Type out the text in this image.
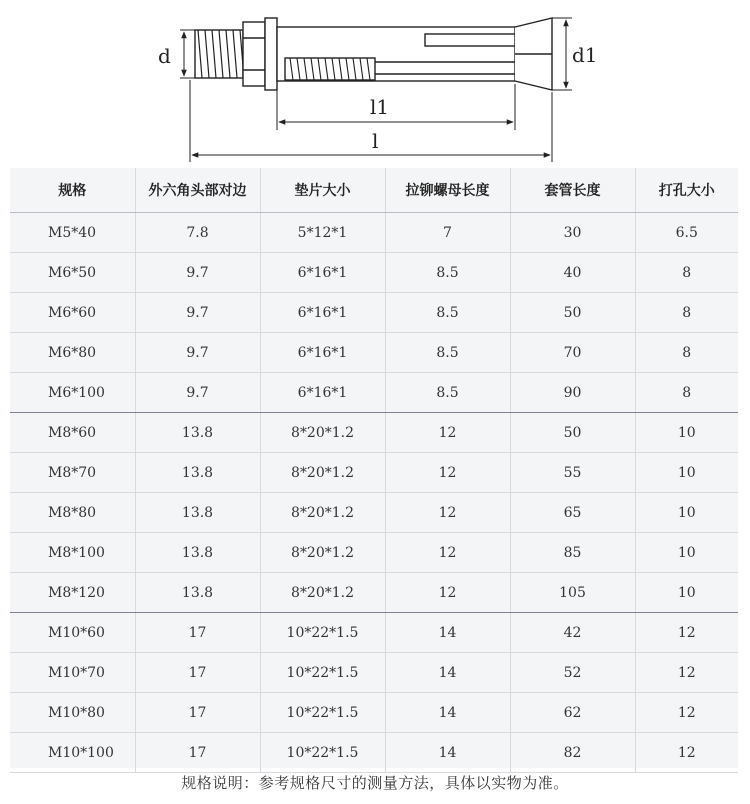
d	d1
l1
l
规格	外六角头部对边	垫片大小	拉铆螺母长度	套管长度	打孔大小
M5*40	7.8	5*12*1	7	30	6.5
M6*50	9.7	6*16*1	8.5	40	8
M6*60	9.7	6*16*1	8.5	50	8
M6*80	9.7	6*16*1	8.5	70	8
M6*100	9.7	6*16*1	8.5	90	8
M8*60	13.8	8*20*1.2	12	50	10
M8*70	13.8	8*20*1.2	12	55	10
M8*80	13.8	8*20*1.2	12	65	10
M8*100	13.8	8*20*1.2	12	85	10
M8*120	13.8	8*20*1.2	12	105	10
M10*60	17	10*22*1.5	14	42	12
M10*70	17	10*22*1.5	14	52	12
M10*80	17	10*22*1.5	14	62	12
M10*100	17	10*22*1.5	14	82	12
规格说明：参考规格尺寸的测量方法，具体以实物为准。
